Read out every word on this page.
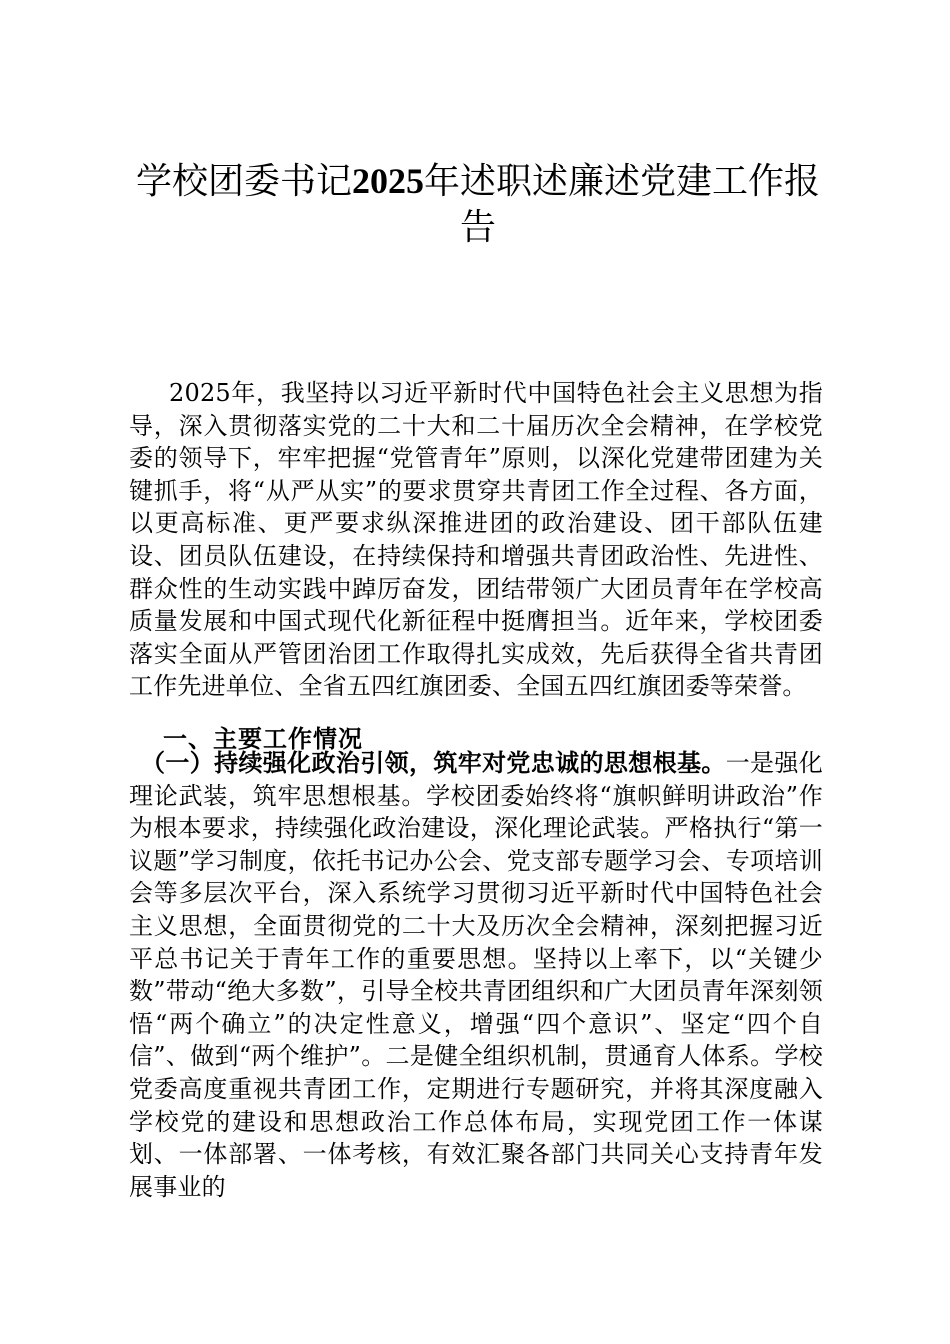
学校团委书记2025年述职述廉述党建工作报告

2025年，我坚持以习近平新时代中国特色社会主义思想为指导，深入贯彻落实党的二十大和二十届历次全会精神，在学校党委的领导下，牢牢把握“党管青年”原则，以深化党建带团建为关键抓手，将“从严从实”的要求贯穿共青团工作全过程、各方面，以更高标准、更严要求纵深推进团的政治建设、团干部队伍建设、团员队伍建设，在持续保持和增强共青团政治性、先进性、群众性的生动实践中踔厉奋发，团结带领广大团员青年在学校高质量发展和中国式现代化新征程中挺膺担当。近年来，学校团委落实全面从严管团治团工作取得扎实成效，先后获得全省共青团工作先进单位、全省五四红旗团委、全国五四红旗团委等荣誉。

一、主要工作情况

（一）持续强化政治引领，筑牢对党忠诚的思想根基。一是强化理论武装，筑牢思想根基。学校团委始终将“旗帜鲜明讲政治”作为根本要求，持续强化政治建设，深化理论武装。严格执行“第一议题”学习制度，依托书记办公会、党支部专题学习会、专项培训会等多层次平台，深入系统学习贯彻习近平新时代中国特色社会主义思想，全面贯彻党的二十大及历次全会精神，深刻把握习近平总书记关于青年工作的重要思想。坚持以上率下，以“关键少数”带动“绝大多数”，引导全校共青团组织和广大团员青年深刻领悟“两个确立”的决定性意义，增强“四个意识”、坚定“四个自信”、做到“两个维护”。二是健全组织机制，贯通育人体系。学校党委高度重视共青团工作，定期进行专题研究，并将其深度融入学校党的建设和思想政治工作总体布局，实现党团工作一体谋划、一体部署、一体考核，有效汇聚各部门共同关心支持青年发展事业的
